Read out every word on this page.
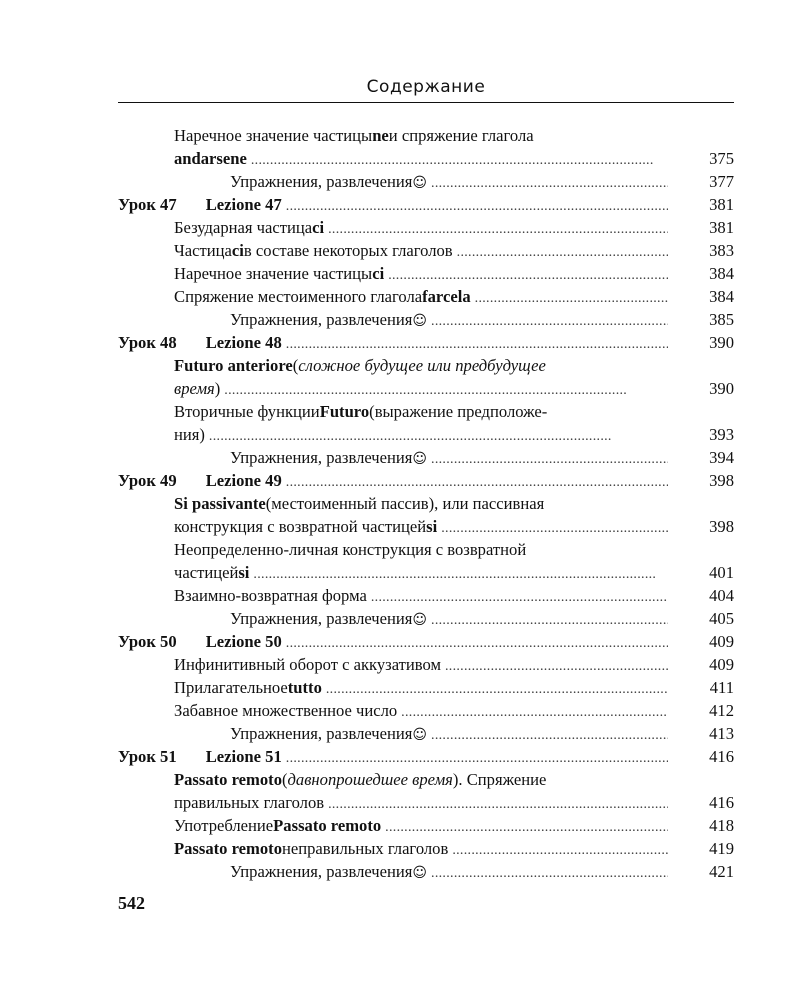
Содержание
Наречное значение частицы ne и спряжение глагола
andarsene . . .	375
Упражнения, развлечения ☺ . . .	377
Урок 47	Lezione 47 . . .	381
Безударная частица ci . . .	381
Частица ci в составе некоторых глаголов . . .	383
Наречное значение частицы ci . . .	384
Спряжение местоименного глагола farcela . . .	384
Упражнения, развлечения ☺ . . .	385
Урок 48	Lezione 48 . . .	390
Futuro anteriore ( сложное будущее или предбудущее
время ) . . .	390
Вторичные функции Futuro (выражение предположе-
ния) . . .	393
Упражнения, развлечения ☺ . . .	394
Урок 49	Lezione 49 . . .	398
Si passivante (местоименный пассив), или пассивная
конструкция с возвратной частицей si . . .	398
Неопределенно-личная конструкция с возвратной
частицей si . . .	401
Взаимно-возвратная форма . . .	404
Упражнения, развлечения ☺ . . .	405
Урок 50	Lezione 50 . . .	409
Инфинитивный оборот с аккузативом . . .	409
Прилагательное tutto . . .	411
Забавное множественное число . . .	412
Упражнения, развлечения ☺ . . .	413
Урок 51	Lezione 51 . . .	416
Passato remoto ( давнопрошедшее время ). Спряжение
правильных глаголов . . .	416
Употребление Passato remoto . . .	418
Passato remoto неправильных глаголов . . .	419
Упражнения, развлечения ☺ . . .	421
542
